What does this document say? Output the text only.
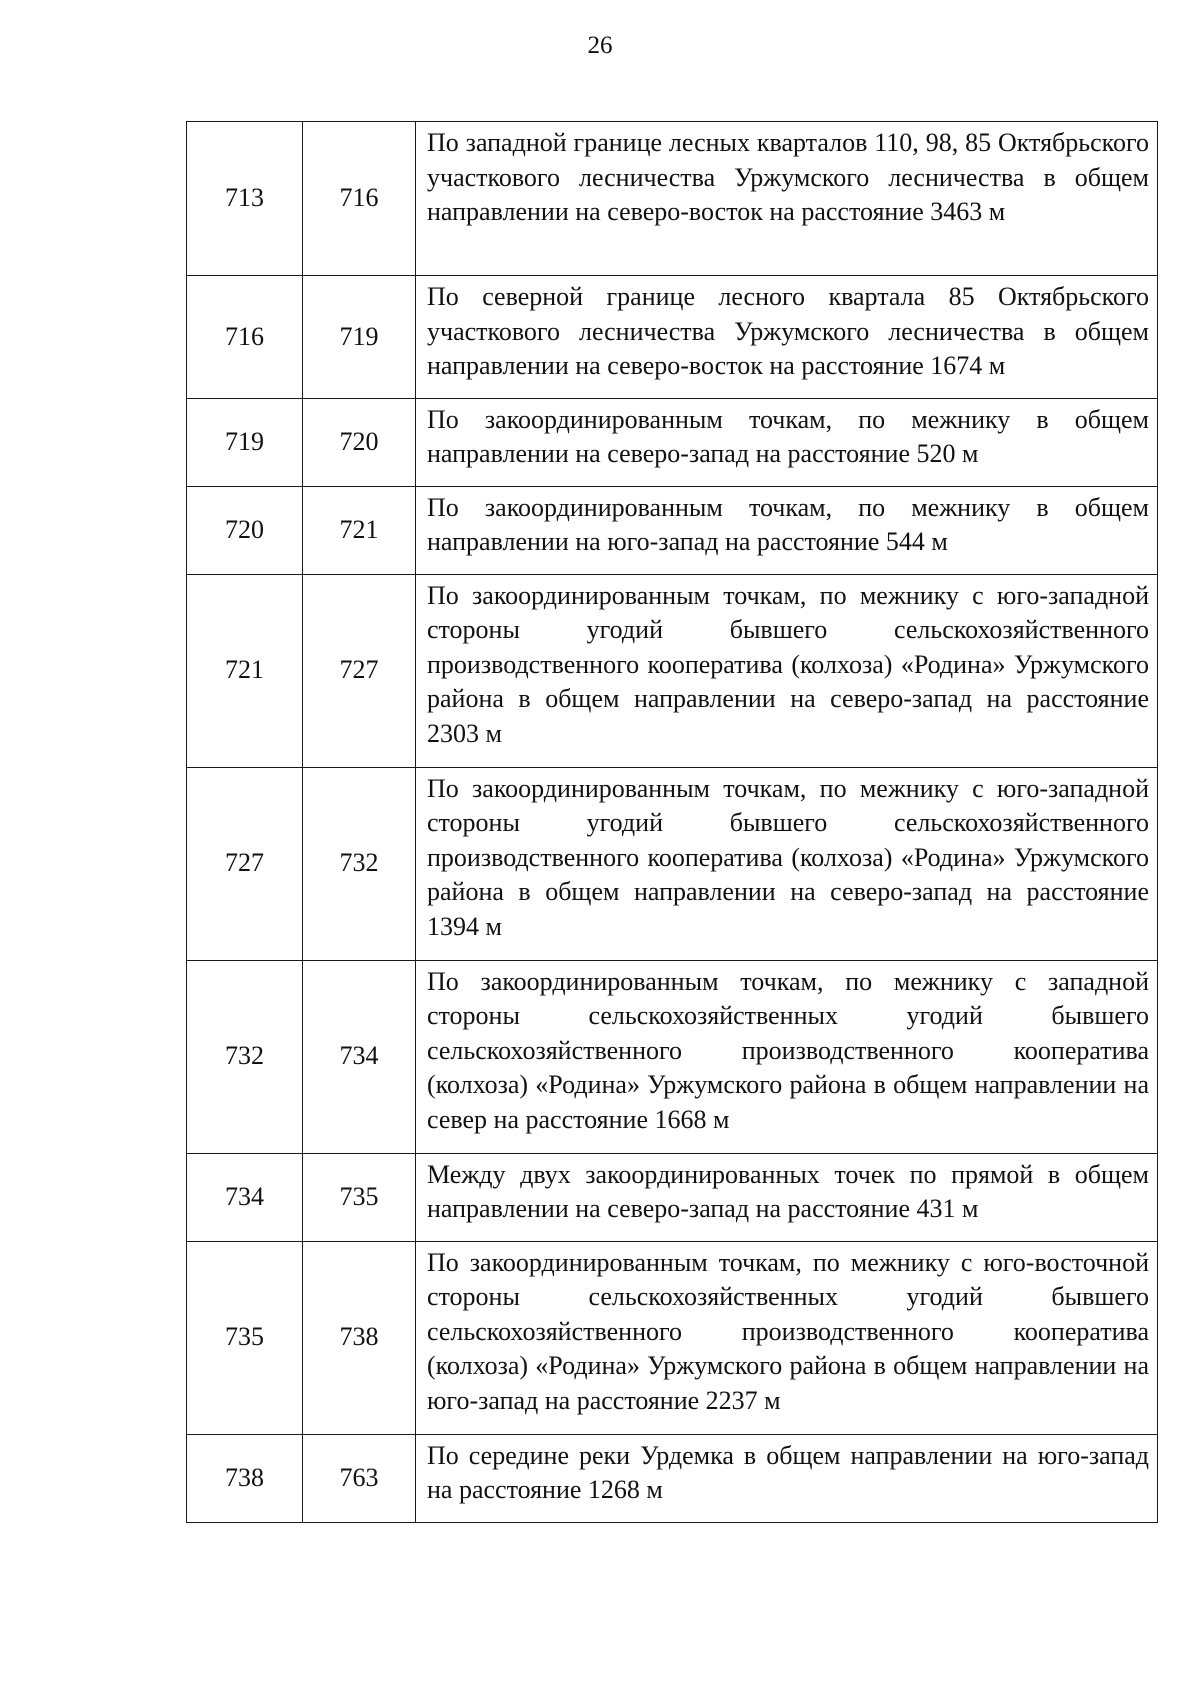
26
713	716	По западной границе лесных кварталов 110, 98, 85 Октябрьского участкового лесничества Уржумского лесничества в общем направлении на северо-восток на расстояние 3463 м
716	719	По северной границе лесного квартала 85 Октябрьского участкового лесничества Уржумского лесничества в общем направлении на северо-восток на расстояние 1674 м
719	720	По закоординированным точкам, по межнику в общем направлении на северо-запад на расстояние 520 м
720	721	По закоординированным точкам, по межнику в общем направлении на юго-запад на расстояние 544 м
721	727	По закоординированным точкам, по межнику с юго-западной стороны угодий бывшего сельскохозяйственного производственного кооператива (колхоза) «Родина» Уржумского района в общем направлении на северо-запад на расстояние 2303 м
727	732	По закоординированным точкам, по межнику с юго-западной стороны угодий бывшего сельскохозяйственного производственного кооператива (колхоза) «Родина» Уржумского района в общем направлении на северо-запад на расстояние 1394 м
732	734	По закоординированным точкам, по межнику с западной стороны сельскохозяйственных угодий бывшего сельскохозяйственного производственного кооператива (колхоза) «Родина» Уржумского района в общем направлении на север на расстояние 1668 м
734	735	Между двух закоординированных точек по прямой в общем направлении на северо-запад на расстояние 431 м
735	738	По закоординированным точкам, по межнику с юго-восточной стороны сельскохозяйственных угодий бывшего сельскохозяйственного производственного кооператива (колхоза) «Родина» Уржумского района в общем направлении на юго-запад на расстояние 2237 м
738	763	По середине реки Урдемка в общем направлении на юго-запад на расстояние 1268 м
